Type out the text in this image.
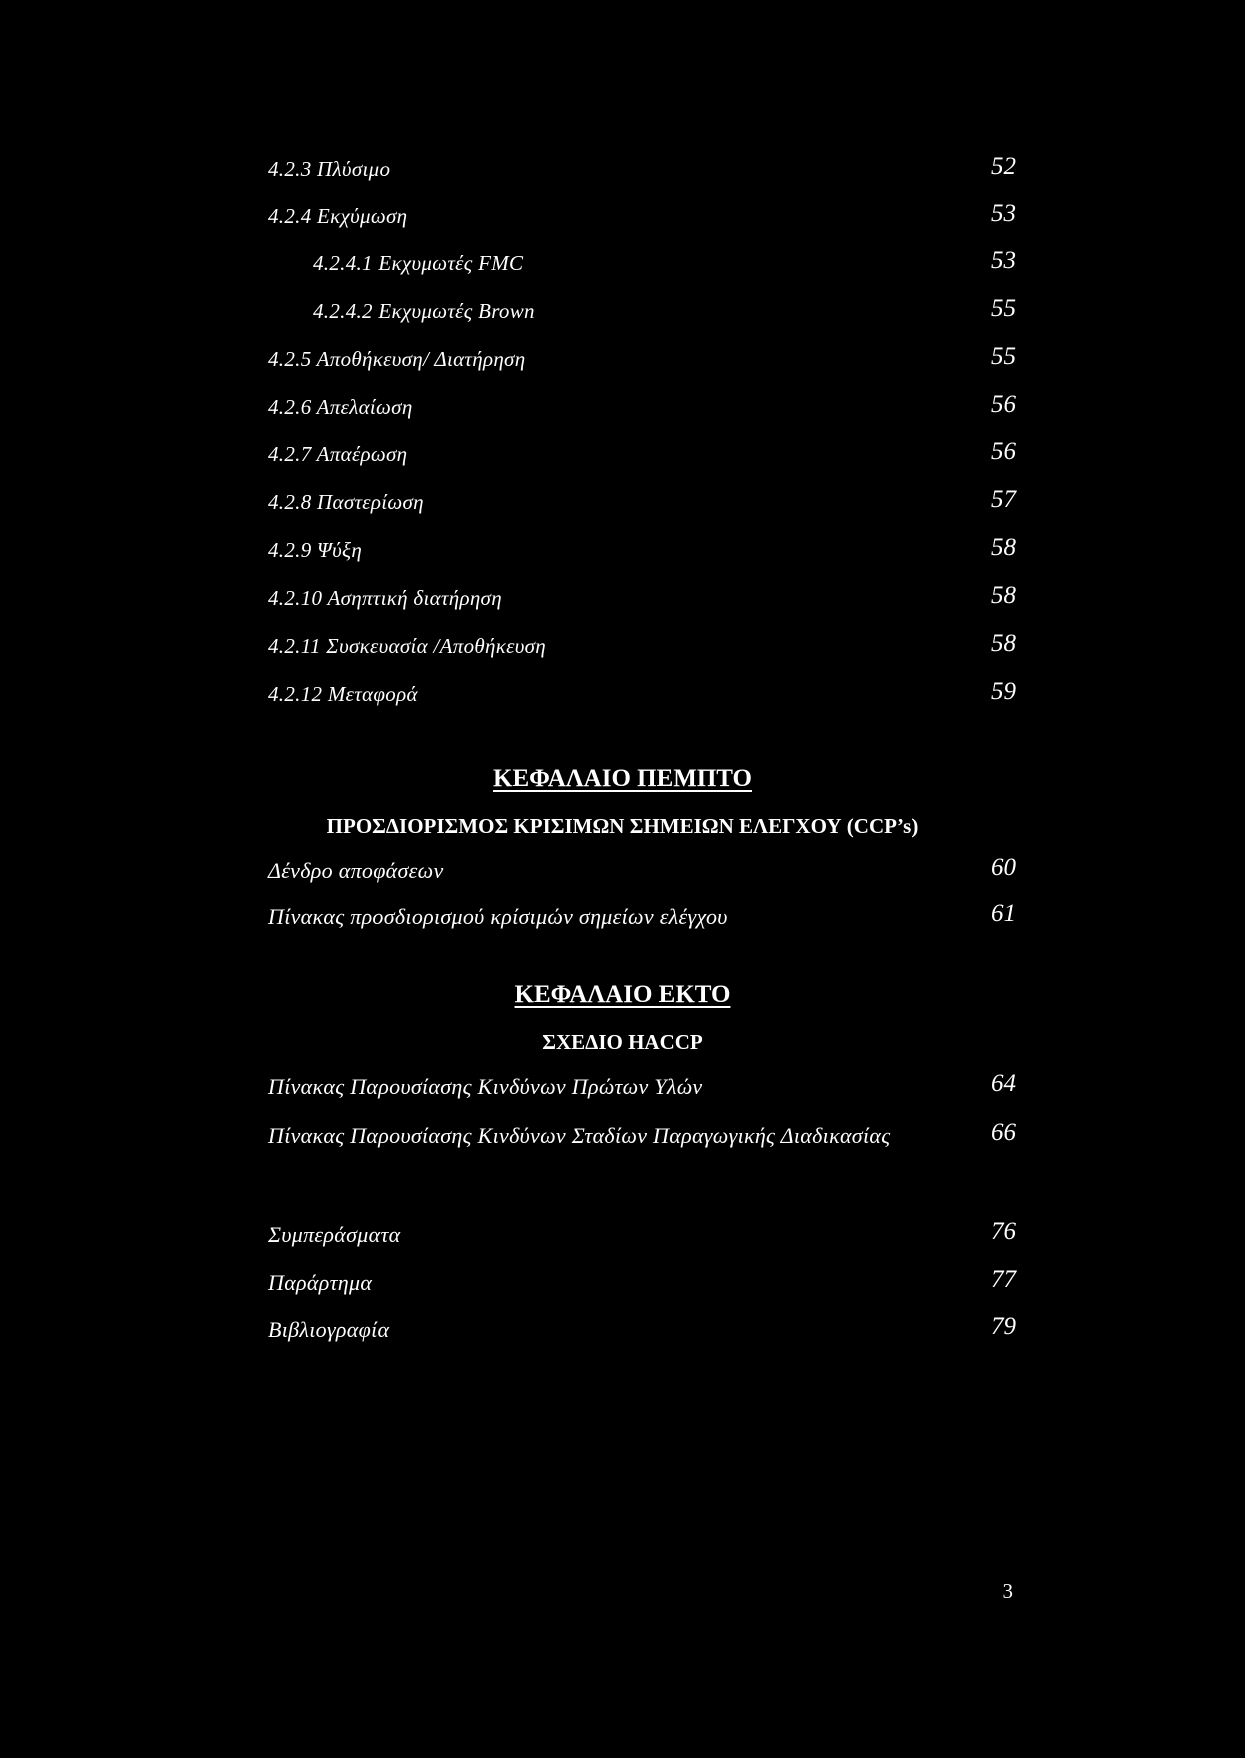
4.2.3 Πλύσιμο	52
4.2.4 Εκχύμωση	53
4.2.4.1 Εκχυμωτές FMC	53
4.2.4.2 Εκχυμωτές Brown	55
4.2.5 Αποθήκευση/ Διατήρηση	55
4.2.6 Απελαίωση	56
4.2.7 Απαέρωση	56
4.2.8 Παστερίωση	57
4.2.9 Ψύξη	58
4.2.10 Ασηπτική διατήρηση	58
4.2.11 Συσκευασία /Αποθήκευση	58
4.2.12 Μεταφορά	59
ΚΕΦΑΛΑΙΟ ΠΕΜΠΤΟ
ΠΡΟΣΔΙΟΡΙΣΜΟΣ ΚΡΙΣΙΜΩΝ ΣΗΜΕΙΩΝ ΕΛΕΓΧΟΥ (CCP’s)
Δένδρο αποφάσεων	60
Πίνακας προσδιορισμού κρίσιμών σημείων ελέγχου	61
ΚΕΦΑΛΑΙΟ ΕΚΤΟ
ΣΧΕΔΙΟ HACCP
Πίνακας Παρουσίασης Κινδύνων Πρώτων Υλών	64
Πίνακας Παρουσίασης Κινδύνων Σταδίων Παραγωγικής Διαδικασίας	66
Συμπεράσματα	76
Παράρτημα	77
Βιβλιογραφία	79
3
